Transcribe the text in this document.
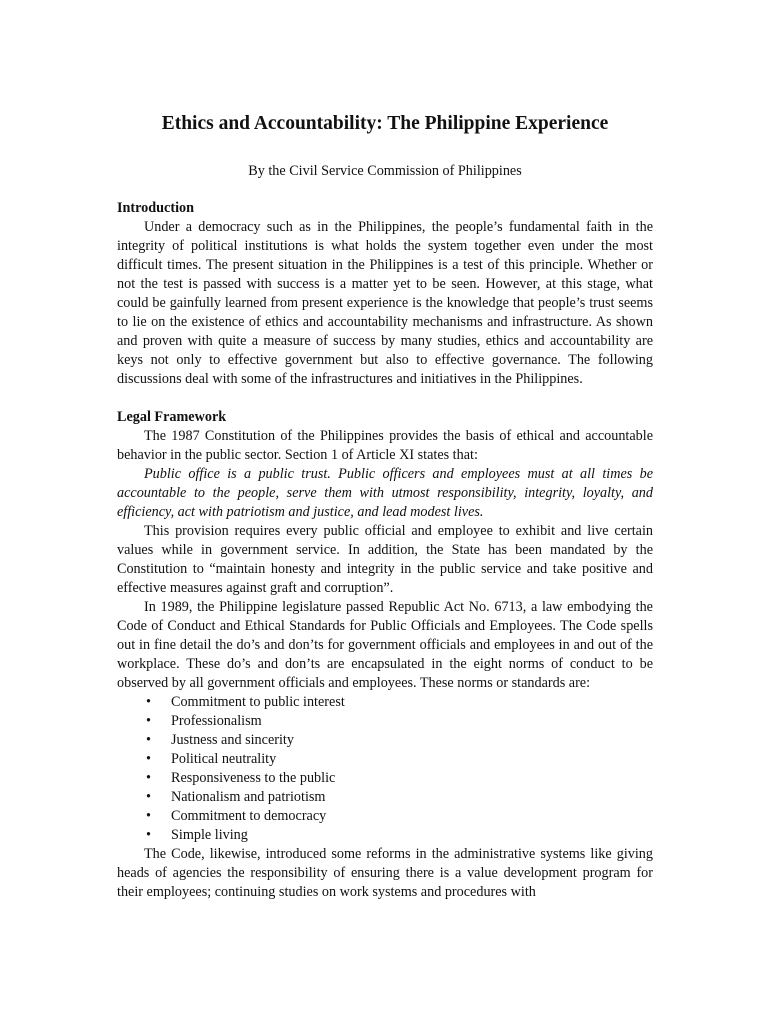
Ethics and Accountability: The Philippine Experience
By the Civil Service Commission of Philippines
Introduction

Under a democracy such as in the Philippines, the people’s fundamental faith in the integrity of political institutions is what holds the system together even under the most difficult times. The present situation in the Philippines is a test of this principle. Whether or not the test is passed with success is a matter yet to be seen. However, at this stage, what could be gainfully learned from present experience is the knowledge that people’s trust seems to lie on the existence of ethics and accountability mechanisms and infrastructure. As shown and proven with quite a measure of success by many studies, ethics and accountability are keys not only to effective government but also to effective governance. The following discussions deal with some of the infrastructures and initiatives in the Philippines.

Legal Framework

The 1987 Constitution of the Philippines provides the basis of ethical and accountable behavior in the public sector. Section 1 of Article XI states that:

Public office is a public trust. Public officers and employees must at all times be accountable to the people, serve them with utmost responsibility, integrity, loyalty, and efficiency, act with patriotism and justice, and lead modest lives.

This provision requires every public official and employee to exhibit and live certain values while in government service. In addition, the State has been mandated by the Constitution to “maintain honesty and integrity in the public service and take positive and effective measures against graft and corruption”.

In 1989, the Philippine legislature passed Republic Act No. 6713, a law embodying the Code of Conduct and Ethical Standards for Public Officials and Employees. The Code spells out in fine detail the do’s and don’ts for government officials and employees in and out of the workplace. These do’s and don’ts are encapsulated in the eight norms of conduct to be observed by all government officials and employees. These norms or standards are:

•	Commitment to public interest
•	Professionalism
•	Justness and sincerity
•	Political neutrality
•	Responsiveness to the public
•	Nationalism and patriotism
•	Commitment to democracy
•	Simple living

The Code, likewise, introduced some reforms in the administrative systems like giving heads of agencies the responsibility of ensuring there is a value development program for their employees; continuing studies on work systems and procedures with
